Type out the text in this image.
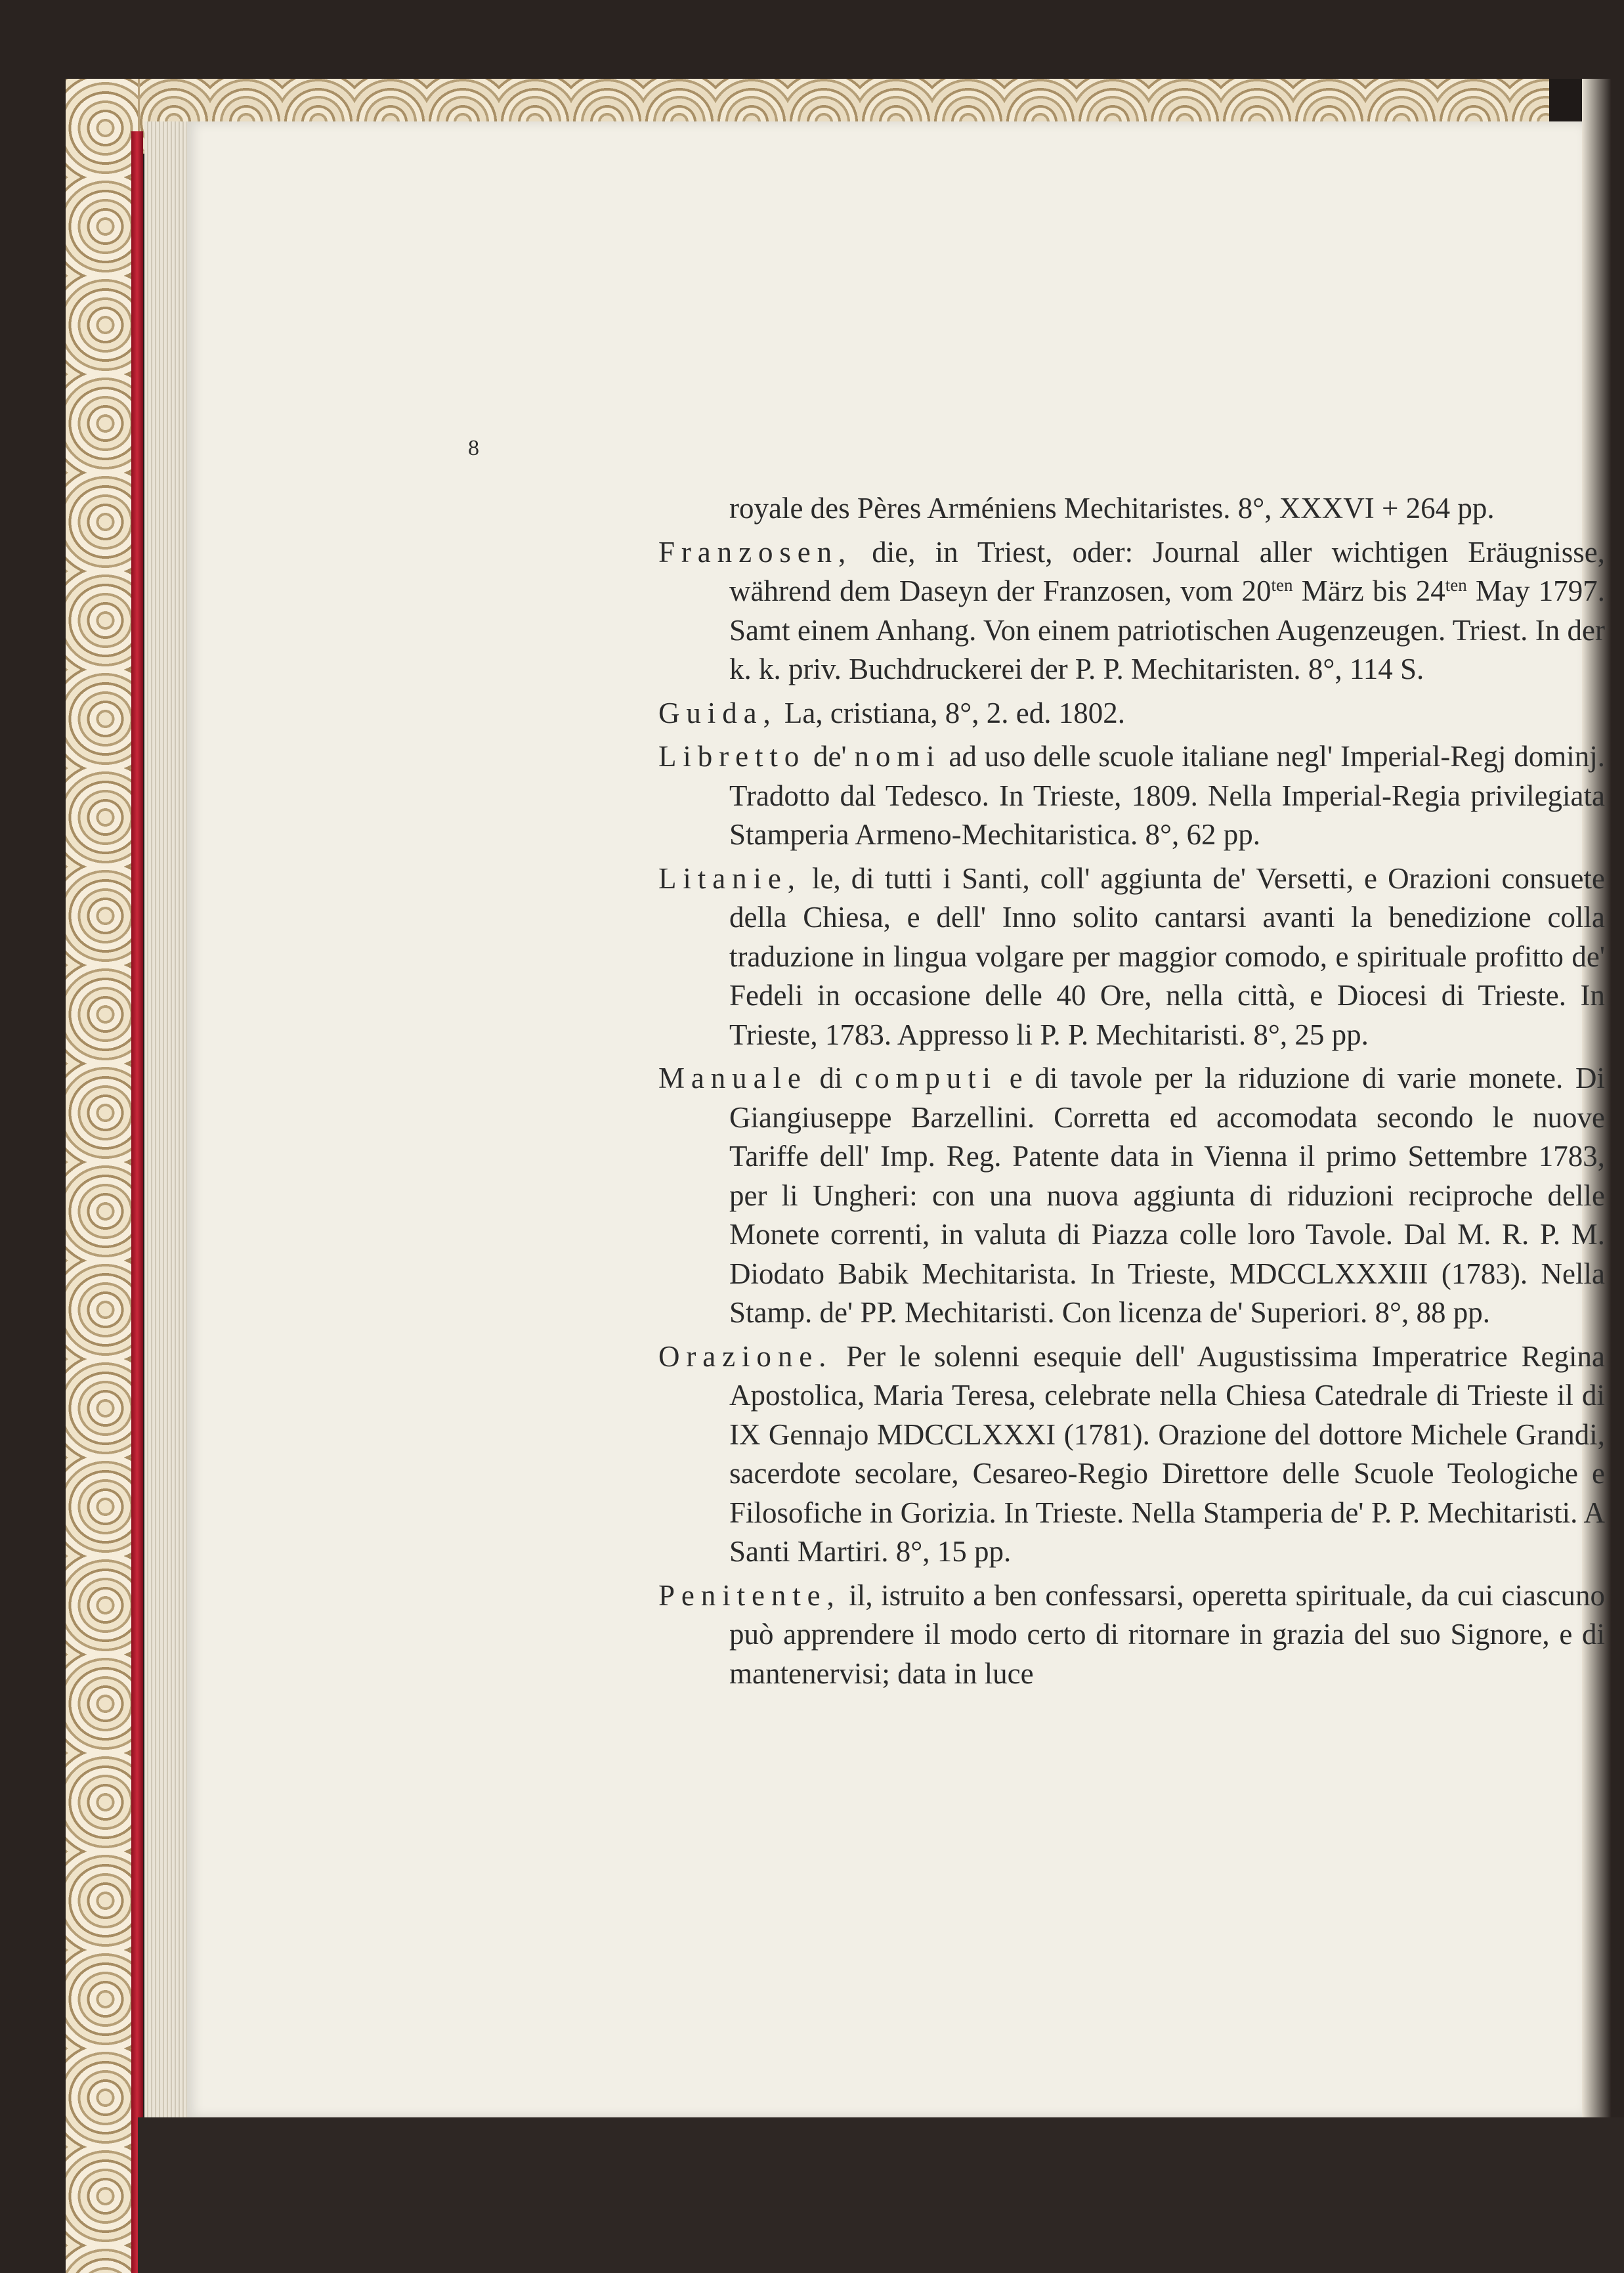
8

royale des Pères Arméniens Mechitaristes. 8°, XXXVI + 264 pp.

Franzosen, die, in Triest, oder: Journal aller wichtigen Eräugnisse, während dem Daseyn der Franzosen, vom $20^{ten}$ März bis $24^{ten}$ May 1797. Samt einem Anhang. Von einem patriotischen Augenzeugen. Triest. In der k. k. priv. Buchdruckerei der P. P. Mechitaristen. 8°, 114 S.

Guida, La, cristiana, 8°, 2. ed. 1802.

Libretto de' nomi ad uso delle scuole italiane negl' Imperial-Regj dominj. Tradotto dal Tedesco. In Trieste, 1809. Nella Imperial-Regia privilegiata Stamperia Armeno-Mechitaristica. 8°, 62 pp.

Litanie, le, di tutti i Santi, coll' aggiunta de' Versetti, e Orazioni consuete della Chiesa, e dell' Inno solito cantarsi avanti la benedizione colla traduzione in lingua volgare per maggior comodo, e spirituale profitto de' Fedeli in occasione delle 40 Ore, nella città, e Diocesi di Trieste. In Trieste, 1783. Appresso li P. P. Mechitaristi. 8°, 25 pp.

Manuale di computi e di tavole per la riduzione di varie monete. Di Giangiuseppe Barzellini. Corretta ed accomodata secondo le nuove Tariffe dell' Imp. Reg. Patente data in Vienna il primo Settembre 1783, per li Ungheri: con una nuova aggiunta di riduzioni reciproche delle Monete correnti, in valuta di Piazza colle loro Tavole. Dal M. R. P. M. Diodato Babik Mechitarista. In Trieste, MDCCLXXXIII (1783). Nella Stamp. de' PP. Mechitaristi. Con licenza de' Superiori. 8°, 88 pp.

Orazione. Per le solenni esequie dell' Augustissima Imperatrice Regina Apostolica, Maria Teresa, celebrate nella Chiesa Catedrale di Trieste il di IX Gennajo MDCCLXXXI (1781). Orazione del dottore Michele Grandi, sacerdote secolare, Cesareo-Regio Direttore delle Scuole Teologiche e Filosofiche in Gorizia. In Trieste. Nella Stamperia de' P. P. Mechitaristi. A Santi Martiri. 8°, 15 pp.

Penitente, il, istruito a ben confessarsi, operetta spirituale, da cui ciascuno può apprendere il modo certo di ritornare in grazia del suo Signore, e di mantenervisi; data in luce
